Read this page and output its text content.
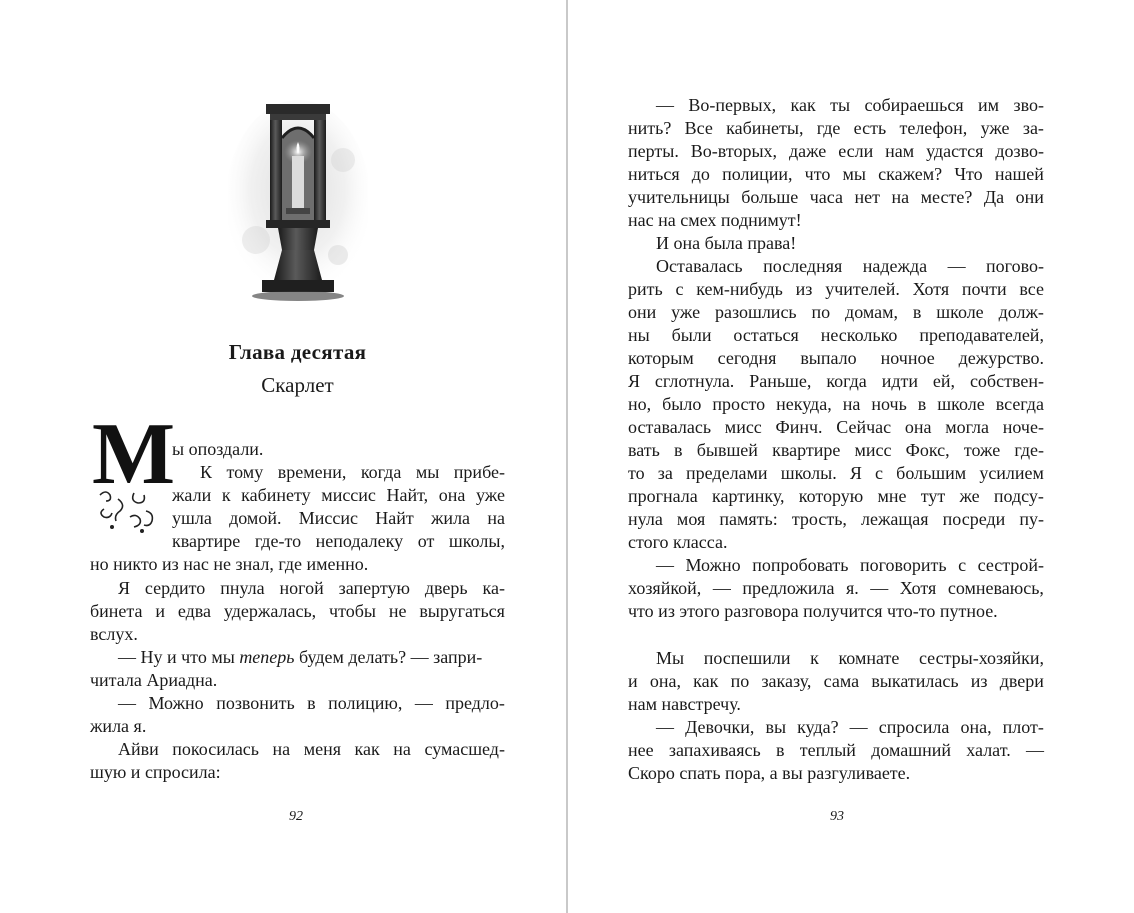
Глава десятая
Скарлет
М
ы опоздали.
К тому времени, когда мы прибе-
жали к кабинету миссис Найт, она уже
ушла домой. Миссис Найт жила на
квартире где-то неподалеку от школы,
но никто из нас не знал, где именно.
Я сердито пнула ногой запертую дверь ка-
бинета и едва удержалась, чтобы не выругаться
вслух.
— Ну и что мы теперь будем делать? — запри-
читала Ариадна.
— Можно позвонить в полицию, — предло-
жила я.
Айви покосилась на меня как на сумасшед-
шую и спросила:
92
— Во-первых, как ты собираешься им зво-
нить? Все кабинеты, где есть телефон, уже за-
перты. Во-вторых, даже если нам удастся дозво-
ниться до полиции, что мы скажем? Что нашей
учительницы больше часа нет на месте? Да они
нас на смех поднимут!
И она была права!
Оставалась последняя надежда — погово-
рить с кем-нибудь из учителей. Хотя почти все
они уже разошлись по домам, в школе долж-
ны были остаться несколько преподавателей,
которым сегодня выпало ночное дежурство.
Я сглотнула. Раньше, когда идти ей, собствен-
но, было просто некуда, на ночь в школе всегда
оставалась мисс Финч. Сейчас она могла ночe-
вать в бывшей квартире мисс Фокс, тоже где-
то за пределами школы. Я с большим усилием
прогнала картинку, которую мне тут же подсу-
нула моя память: трость, лежащая посреди пу-
стого класса.
— Можно попробовать поговорить с сестрой-
хозяйкой, — предложила я. — Хотя сомневаюсь,
что из этого разговора получится что-то путное.
Мы поспешили к комнате сестры-хозяйки,
и она, как по заказу, сама выкатилась из двери
нам навстречу.
— Девочки, вы куда? — спросила она, плот-
нее запахиваясь в теплый домашний халат. —
Скоро спать пора, а вы разгуливаете.
93
